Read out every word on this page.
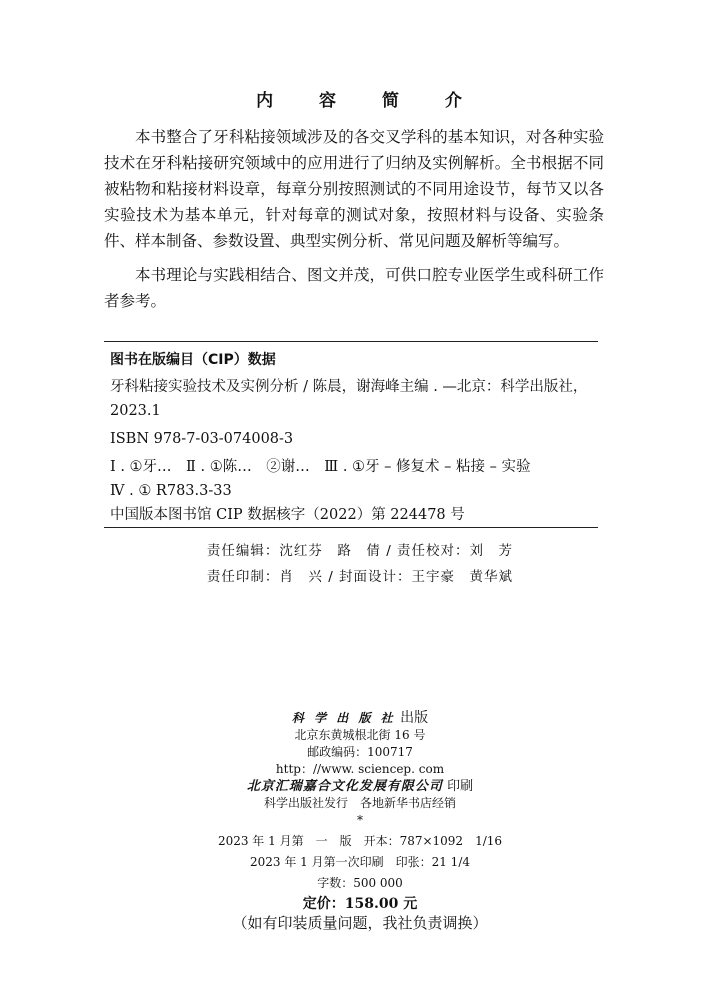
内 容 简 介

本书整合了牙科粘接领域涉及的各交叉学科的基本知识，对各种实验技术在牙科粘接研究领域中的应用进行了归纳及实例解析。全书根据不同被粘物和粘接材料设章，每章分别按照测试的不同用途设节，每节又以各实验技术为基本单元，针对每章的测试对象，按照材料与设备、实验条件、样本制备、参数设置、典型实例分析、常见问题及解析等编写。

本书理论与实践相结合、图文并茂，可供口腔专业医学生或科研工作者参考。

图书在版编目（CIP）数据
牙科粘接实验技术及实例分析 / 陈晨，谢海峰主编 . —北京：科学出版社，2023.1
ISBN 978-7-03-074008-3
Ⅰ . ①牙…　Ⅱ . ①陈…　②谢…　Ⅲ . ①牙 – 修复术 – 粘接 – 实验
Ⅳ . ① R783.3-33
中国版本图书馆 CIP 数据核字（2022）第 224478 号
责任编辑：沈红芬　路　倩 / 责任校对：刘　芳
责任印制：肖　兴 / 封面设计：王宇豪　黄华斌
科 学 出 版 社 出版
北京东黄城根北街 16 号
邮政编码：100717
http：//www. sciencep. com
北京汇瑞嘉合文化发展有限公司 印刷
科学出版社发行　各地新华书店经销
*
2023 年 1 月第　一　版　开本：787×1092　1/16
2023 年 1 月第一次印刷　印张：21 1/4
字数：500 000
定价：158.00 元
（如有印装质量问题，我社负责调换）
